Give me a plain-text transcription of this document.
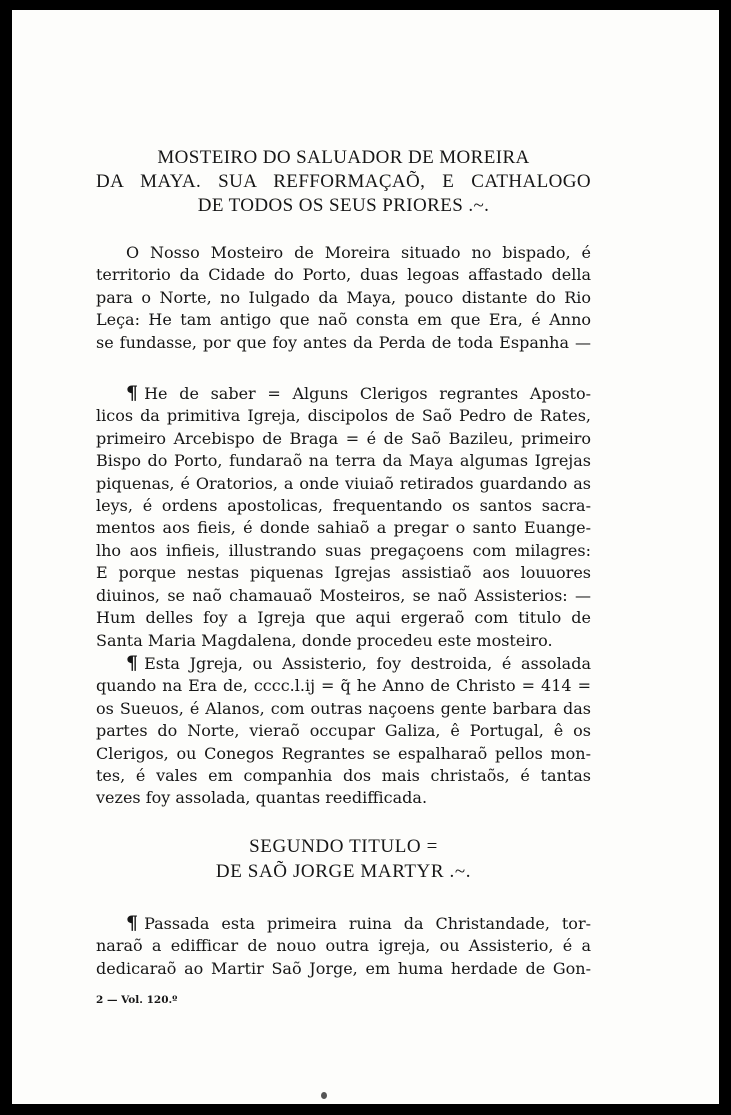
MOSTEIRO DO SALUADOR DE MOREIRA

DA MAYA. SUA REFFORMAÇAÕ, E CATHALOGO

DE TODOS OS SEUS PRIORES .~.

O Nosso Mosteiro de Moreira situado no bispado, é
territorio da Cidade do Porto, duas legoas affastado della
para o Norte, no Iulgado da Maya, pouco distante do Rio
Leça: He tam antigo que naõ consta em que Era, é Anno
se fundasse, por que foy antes da Perda de toda Espanha —
¶ He de saber = Alguns Clerigos regrantes Aposto-
licos da primitiva Igreja, discipolos de Saõ Pedro de Rates,
primeiro Arcebispo de Braga = é de Saõ Bazileu, primeiro
Bispo do Porto, fundaraõ na terra da Maya algumas Igrejas
piquenas, é Oratorios, a onde viuiaõ retirados guardando as
leys, é ordens apostolicas, frequentando os santos sacra-
mentos aos fieis, é donde sahiaõ a pregar o santo Euange-
lho aos infieis, illustrando suas pregaçoens com milagres:
E porque nestas piquenas Igrejas assistiaõ aos louuores
diuinos, se naõ chamauaõ Mosteiros, se naõ Assisterios: —
Hum delles foy a Igreja que aqui ergeraõ com titulo de
Santa Maria Magdalena, donde procedeu este mosteiro.
¶ Esta Jgreja, ou Assisterio, foy destroida, é assolada
quando na Era de, cccc.l.ij = q̃ he Anno de Christo = 414 =
os Sueuos, é Alanos, com outras naçoens gente barbara das
partes do Norte, vieraõ occupar Galiza, ê Portugal, ê os
Clerigos, ou Conegos Regrantes se espalharaõ pellos mon-
tes, é vales em companhia dos mais christaõs, é tantas
vezes foy assolada, quantas reedifficada.

SEGUNDO TITULO =

DE SAÕ JORGE MARTYR .~.

¶ Passada esta primeira ruina da Christandade, tor-
naraõ a edifficar de nouo outra igreja, ou Assisterio, é a
dedicaraõ ao Martir Saõ Jorge, em huma herdade de Gon-

2 — Vol. 120.º
